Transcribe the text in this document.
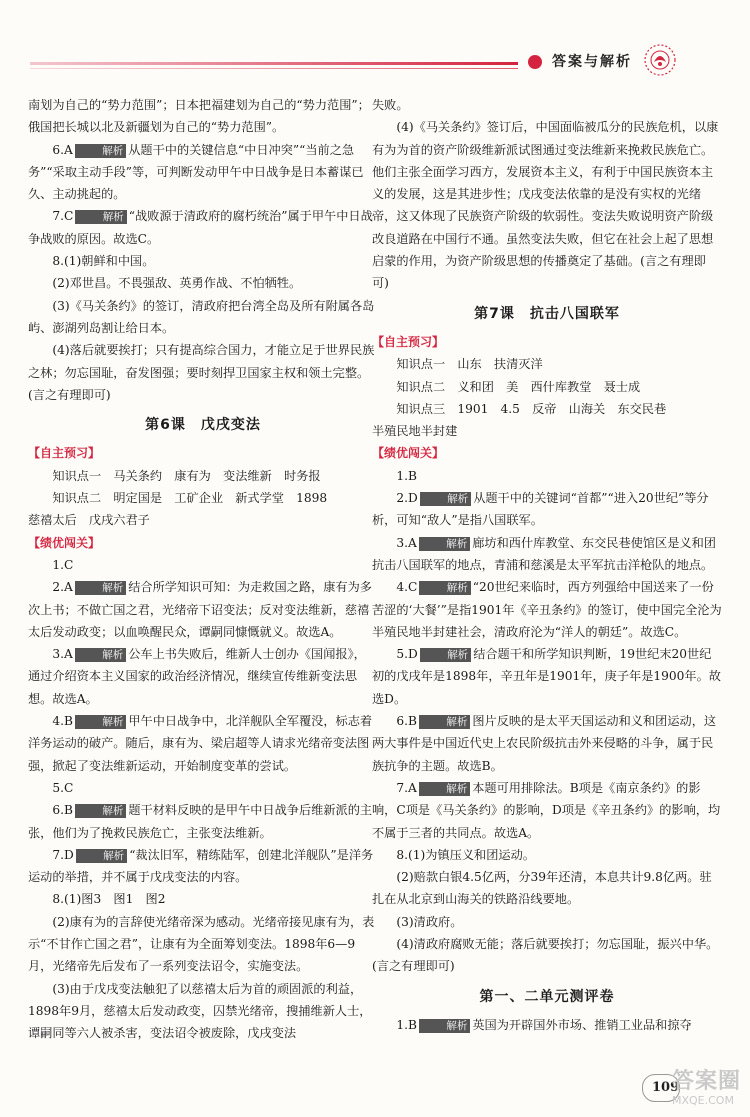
答案与解析

南划为自己的“势力范围”；日本把福建划为自己的“势力范围”；俄国把长城以北及新疆划为自己的“势力范围”。

6.A	解析 从题干中的关键信息“中日冲突”“当前之急务”“采取主动手段”等，可判断发动甲午中日战争是日本蓄谋已久、主动挑起的。

7.C	解析 “战败源于清政府的腐朽统治”属于甲午中日战争战败的原因。故选C。

8.(1)朝鲜和中国。

(2)邓世昌。不畏强敌、英勇作战、不怕牺牲。

(3)《马关条约》的签订，清政府把台湾全岛及所有附属各岛屿、澎湖列岛割让给日本。

(4)落后就要挨打；只有提高综合国力，才能立足于世界民族之林；勿忘国耻，奋发图强；要时刻捍卫国家主权和领土完整。(言之有理即可)

第6课　戊戌变法
【自主预习】

知识点一　马关条约　康有为　变法维新　时务报

知识点二　明定国是　工矿企业　新式学堂　1898

慈禧太后　戊戌六君子

【绩优闯关】

1.C

2.A	解析 结合所学知识可知：为走救国之路，康有为多次上书；不做亡国之君，光绪帝下诏变法；反对变法维新，慈禧太后发动政变；以血唤醒民众，谭嗣同慷慨就义。故选A。

3.A	解析 公车上书失败后，维新人士创办《国闻报》，通过介绍资本主义国家的政治经济情况，继续宣传维新变法思想。故选A。

4.B	解析 甲午中日战争中，北洋舰队全军覆没，标志着洋务运动的破产。随后，康有为、梁启超等人请求光绪帝变法图强，掀起了变法维新运动，开始制度变革的尝试。

5.C

6.B	解析 题干材料反映的是甲午中日战争后维新派的主张，他们为了挽救民族危亡，主张变法维新。

7.D	解析 “裁汰旧军，精练陆军，创建北洋舰队”是洋务运动的举措，并不属于戊戌变法的内容。

8.(1)图3　图1　图2

(2)康有为的言辞使光绪帝深为感动。光绪帝接见康有为，表示“不甘作亡国之君”，让康有为全面筹划变法。1898年6—9月，光绪帝先后发布了一系列变法诏令，实施变法。

(3)由于戊戌变法触犯了以慈禧太后为首的顽固派的利益，1898年9月，慈禧太后发动政变，囚禁光绪帝，搜捕维新人士，谭嗣同等六人被杀害，变法诏令被废除，戊戌变法

失败。

(4)《马关条约》签订后，中国面临被瓜分的民族危机，以康有为为首的资产阶级维新派试图通过变法维新来挽救民族危亡。他们主张全面学习西方，发展资本主义，有利于中国民族资本主义的发展，这是其进步性；戊戌变法依靠的是没有实权的光绪帝，这又体现了民族资产阶级的软弱性。变法失败说明资产阶级改良道路在中国行不通。虽然变法失败，但它在社会上起了思想启蒙的作用，为资产阶级思想的传播奠定了基础。(言之有理即可)

第7课　抗击八国联军
【自主预习】

知识点一　山东　扶清灭洋

知识点二　义和团　美　西什库教堂　聂士成

知识点三　1901　4.5　反帝　山海关　东交民巷

半殖民地半封建

【绩优闯关】

1.B

2.D	解析 从题干中的关键词“首都”“进入20世纪”等分析，可知“敌人”是指八国联军。

3.A	解析 廊坊和西什库教堂、东交民巷使馆区是义和团抗击八国联军的地点，青浦和慈溪是太平军抗击洋枪队的地点。

4.C	解析 “20世纪来临时，西方列强给中国送来了一份苦涩的‘大餐’”是指1901年《辛丑条约》的签订，使中国完全沦为半殖民地半封建社会，清政府沦为“洋人的朝廷”。故选C。

5.D	解析 结合题干和所学知识判断，19世纪末20世纪初的戊戌年是1898年，辛丑年是1901年，庚子年是1900年。故选D。

6.B	解析 图片反映的是太平天国运动和义和团运动，这两大事件是中国近代史上农民阶级抗击外来侵略的斗争，属于民族抗争的主题。故选B。

7.A	解析 本题可用排除法。B项是《南京条约》的影响，C项是《马关条约》的影响，D项是《辛丑条约》的影响，均不属于三者的共同点。故选A。

8.(1)为镇压义和团运动。

(2)赔款白银4.5亿两，分39年还清，本息共计9.8亿两。驻扎在从北京到山海关的铁路沿线要地。

(3)清政府。

(4)清政府腐败无能；落后就要挨打；勿忘国耻，振兴中华。(言之有理即可)

第一、二单元测评卷

1.B	解析 英国为开辟国外市场、推销工业品和掠夺

109
答案圈
MXQE.COM
